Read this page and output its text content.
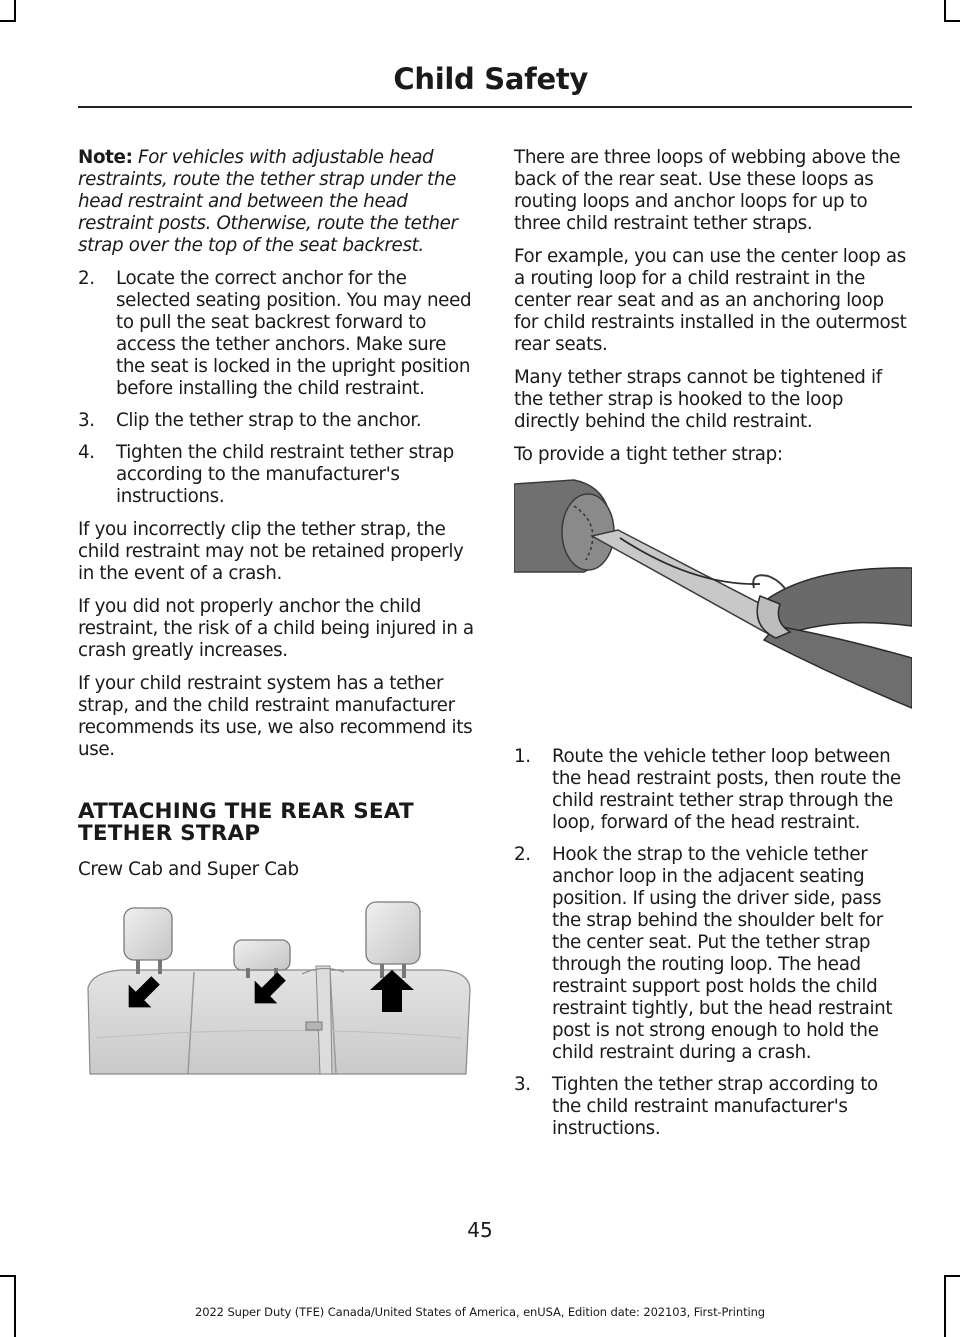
Child Safety

Note: For vehicles with adjustable head restraints, route the tether strap under the head restraint and between the head restraint posts. Otherwise, route the tether strap over the top of the seat backrest.

2. Locate the correct anchor for the selected seating position. You may need to pull the seat backrest forward to access the tether anchors. Make sure the seat is locked in the upright position before installing the child restraint.
3. Clip the tether strap to the anchor.
4. Tighten the child restraint tether strap according to the manufacturer's instructions.

If you incorrectly clip the tether strap, the child restraint may not be retained properly in the event of a crash.

If you did not properly anchor the child restraint, the risk of a child being injured in a crash greatly increases.

If your child restraint system has a tether strap, and the child restraint manufacturer recommends its use, we also recommend its use.

ATTACHING THE REAR SEAT
TETHER STRAP

Crew Cab and Super Cab

There are three loops of webbing above the back of the rear seat. Use these loops as routing loops and anchor loops for up to three child restraint tether straps.

For example, you can use the center loop as a routing loop for a child restraint in the center rear seat and as an anchoring loop for child restraints installed in the outermost rear seats.

Many tether straps cannot be tightened if the tether strap is hooked to the loop directly behind the child restraint.

To provide a tight tether strap:

1. Route the vehicle tether loop between the head restraint posts, then route the child restraint tether strap through the loop, forward of the head restraint.
2. Hook the strap to the vehicle tether anchor loop in the adjacent seating position. If using the driver side, pass the strap behind the shoulder belt for the center seat. Put the tether strap through the routing loop. The head restraint support post holds the child restraint tightly, but the head restraint post is not strong enough to hold the child restraint during a crash.
3. Tighten the tether strap according to the child restraint manufacturer's instructions.
45
2022 Super Duty (TFE) Canada/United States of America, enUSA, Edition date: 202103, First-Printing
